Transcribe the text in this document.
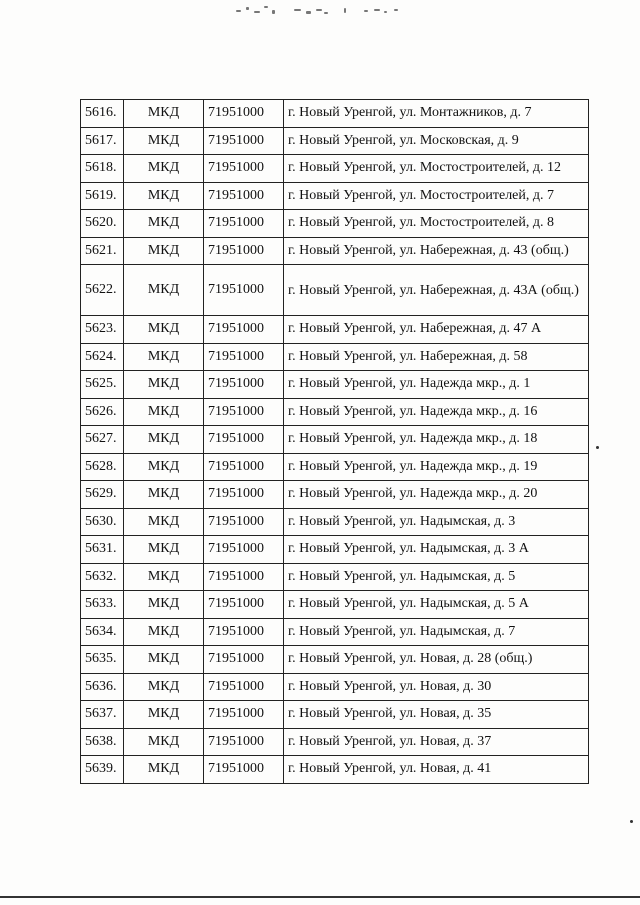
5616.	МКД	71951000	г. Новый Уренгой, ул. Монтажников, д. 7
5617.	МКД	71951000	г. Новый Уренгой, ул. Московская, д. 9
5618.	МКД	71951000	г. Новый Уренгой, ул. Мостостроителей, д. 12
5619.	МКД	71951000	г. Новый Уренгой, ул. Мостостроителей, д. 7
5620.	МКД	71951000	г. Новый Уренгой, ул. Мостостроителей, д. 8
5621.	МКД	71951000	г. Новый Уренгой, ул. Набережная, д. 43 (общ.)
5622.	МКД	71951000	г. Новый Уренгой, ул. Набережная, д. 43А (общ.)
5623.	МКД	71951000	г. Новый Уренгой, ул. Набережная, д. 47 А
5624.	МКД	71951000	г. Новый Уренгой, ул. Набережная, д. 58
5625.	МКД	71951000	г. Новый Уренгой, ул. Надежда мкр., д. 1
5626.	МКД	71951000	г. Новый Уренгой, ул. Надежда мкр., д. 16
5627.	МКД	71951000	г. Новый Уренгой, ул. Надежда мкр., д. 18
5628.	МКД	71951000	г. Новый Уренгой, ул. Надежда мкр., д. 19
5629.	МКД	71951000	г. Новый Уренгой, ул. Надежда мкр., д. 20
5630.	МКД	71951000	г. Новый Уренгой, ул. Надымская, д. 3
5631.	МКД	71951000	г. Новый Уренгой, ул. Надымская, д. 3 А
5632.	МКД	71951000	г. Новый Уренгой, ул. Надымская, д. 5
5633.	МКД	71951000	г. Новый Уренгой, ул. Надымская, д. 5 А
5634.	МКД	71951000	г. Новый Уренгой, ул. Надымская, д. 7
5635.	МКД	71951000	г. Новый Уренгой, ул. Новая, д. 28 (общ.)
5636.	МКД	71951000	г. Новый Уренгой, ул. Новая, д. 30
5637.	МКД	71951000	г. Новый Уренгой, ул. Новая, д. 35
5638.	МКД	71951000	г. Новый Уренгой, ул. Новая, д. 37
5639.	МКД	71951000	г. Новый Уренгой, ул. Новая, д. 41
